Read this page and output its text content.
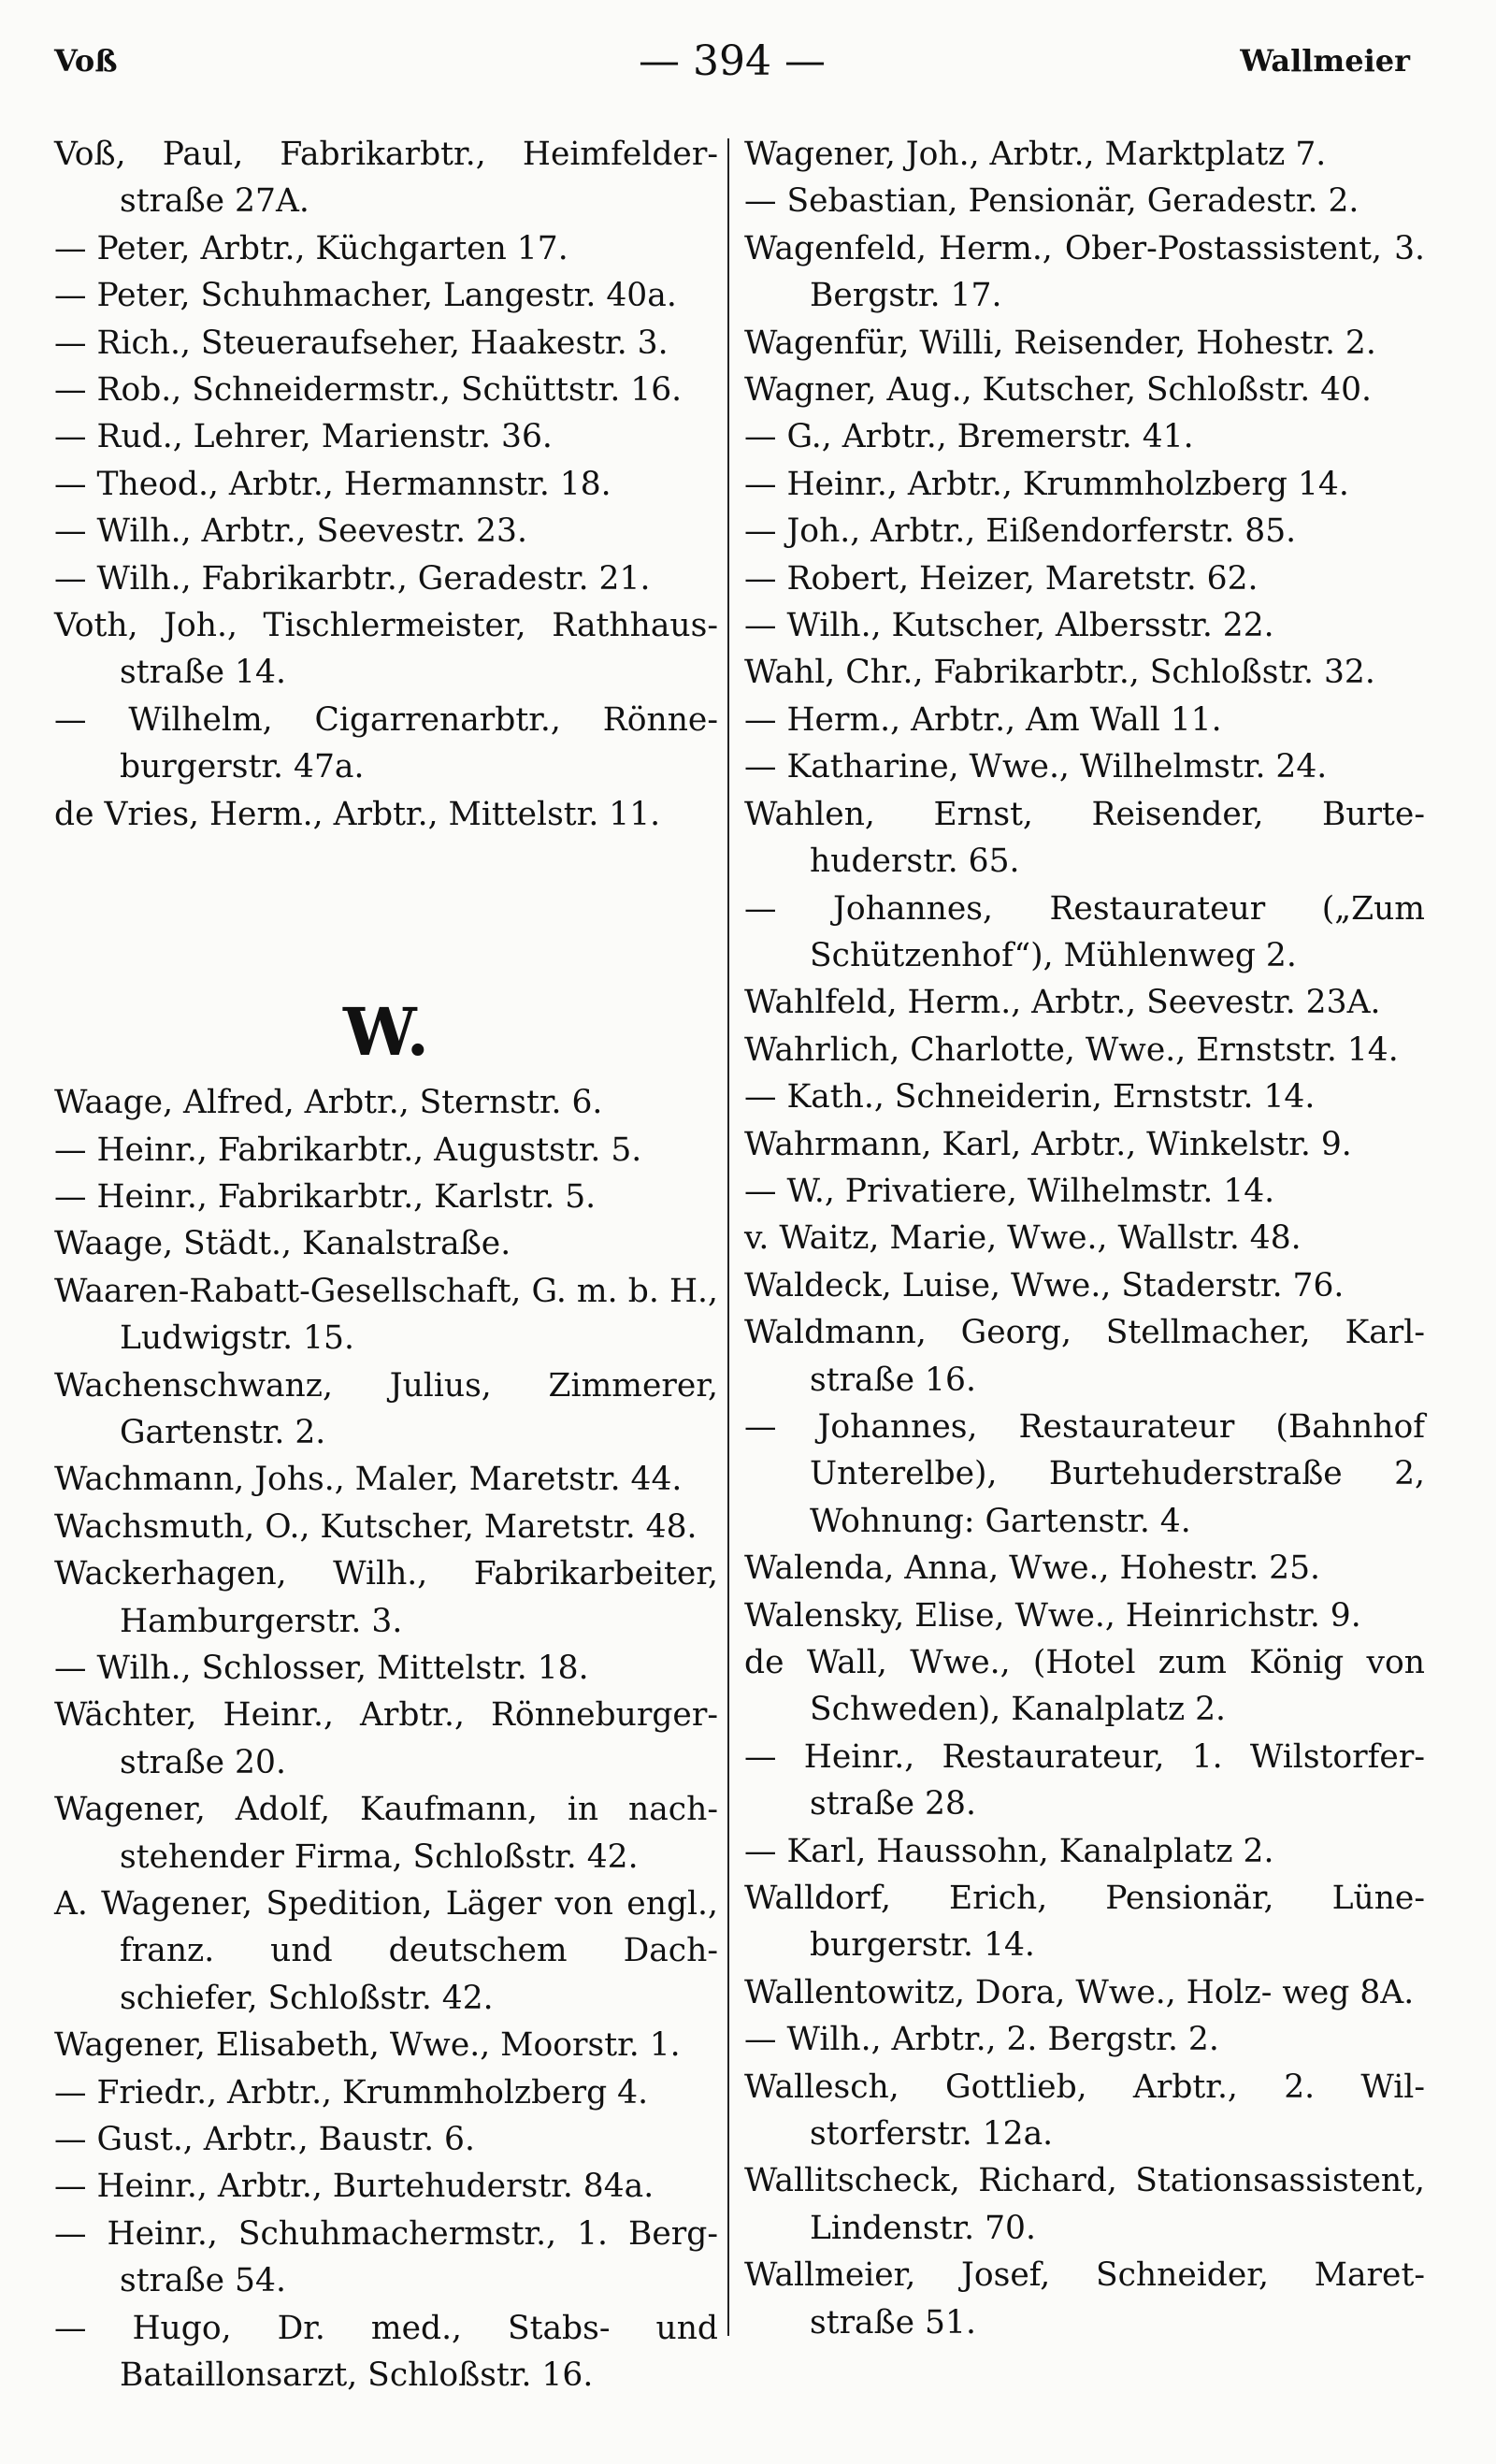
Voß	— 394 —	Wallmeier
Voß, Paul, Fabrikarbtr., Heimfelder- straße 27A.
— Peter, Arbtr., Küchgarten 17.
— Peter, Schuhmacher, Langestr. 40a.
— Rich., Steueraufseher, Haakestr. 3.
— Rob., Schneidermstr., Schüttstr. 16.
— Rud., Lehrer, Marienstr. 36.
— Theod., Arbtr., Hermannstr. 18.
— Wilh., Arbtr., Seevestr. 23.
— Wilh., Fabrikarbtr., Geradestr. 21.
Voth, Joh., Tischlermeister, Rathhaus- straße 14.
— Wilhelm, Cigarrenarbtr., Rönne- burgerstr. 47a.
de Vries, Herm., Arbtr., Mittelstr. 11.
W.
Waage, Alfred, Arbtr., Sternstr. 6.
— Heinr., Fabrikarbtr., Auguststr. 5.
— Heinr., Fabrikarbtr., Karlstr. 5.
Waage, Städt., Kanalstraße.
Waaren-Rabatt-Gesellschaft, G. m. b. H., Ludwigstr. 15.
Wachenschwanz, Julius, Zimmerer, Gartenstr. 2.
Wachmann, Johs., Maler, Maretstr. 44.
Wachsmuth, O., Kutscher, Maretstr. 48.
Wackerhagen, Wilh., Fabrikarbeiter, Hamburgerstr. 3.
— Wilh., Schlosser, Mittelstr. 18.
Wächter, Heinr., Arbtr., Rönneburger- straße 20.
Wagener, Adolf, Kaufmann, in nach- stehender Firma, Schloßstr. 42.
A. Wagener, Spedition, Läger von engl., franz. und deutschem Dach- schiefer, Schloßstr. 42.
Wagener, Elisabeth, Wwe., Moorstr. 1.
— Friedr., Arbtr., Krummholzberg 4.
— Gust., Arbtr., Baustr. 6.
— Heinr., Arbtr., Burtehuderstr. 84a.
— Heinr., Schuhmachermstr., 1. Berg- straße 54.
— Hugo, Dr. med., Stabs- und Bataillonsarzt, Schloßstr. 16.
Wagener, Joh., Arbtr., Marktplatz 7.
— Sebastian, Pensionär, Geradestr. 2.
Wagenfeld, Herm., Ober-Postassistent, 3. Bergstr. 17.
Wagenfür, Willi, Reisender, Hohestr. 2.
Wagner, Aug., Kutscher, Schloßstr. 40.
— G., Arbtr., Bremerstr. 41.
— Heinr., Arbtr., Krummholzberg 14.
— Joh., Arbtr., Eißendorferstr. 85.
— Robert, Heizer, Maretstr. 62.
— Wilh., Kutscher, Albersstr. 22.
Wahl, Chr., Fabrikarbtr., Schloßstr. 32.
— Herm., Arbtr., Am Wall 11.
— Katharine, Wwe., Wilhelmstr. 24.
Wahlen, Ernst, Reisender, Burte- huderstr. 65.
— Johannes, Restaurateur („Zum Schützenhof“), Mühlenweg 2.
Wahlfeld, Herm., Arbtr., Seevestr. 23A.
Wahrlich, Charlotte, Wwe., Ernststr. 14.
— Kath., Schneiderin, Ernststr. 14.
Wahrmann, Karl, Arbtr., Winkelstr. 9.
— W., Privatiere, Wilhelmstr. 14.
v. Waitz, Marie, Wwe., Wallstr. 48.
Waldeck, Luise, Wwe., Staderstr. 76.
Waldmann, Georg, Stellmacher, Karl- straße 16.
— Johannes, Restaurateur (Bahnhof Unterelbe), Burtehuderstraße 2, Wohnung: Gartenstr. 4.
Walenda, Anna, Wwe., Hohestr. 25.
Walensky, Elise, Wwe., Heinrichstr. 9.
de Wall, Wwe., (Hotel zum König von Schweden), Kanalplatz 2.
— Heinr., Restaurateur, 1. Wilstorfer- straße 28.
— Karl, Haussohn, Kanalplatz 2.
Walldorf, Erich, Pensionär, Lüne- burgerstr. 14.
Wallentowitz, Dora, Wwe., Holz- weg 8A.
— Wilh., Arbtr., 2. Bergstr. 2.
Wallesch, Gottlieb, Arbtr., 2. Wil- storferstr. 12a.
Wallitscheck, Richard, Stationsassistent, Lindenstr. 70.
Wallmeier, Josef, Schneider, Maret- straße 51.
